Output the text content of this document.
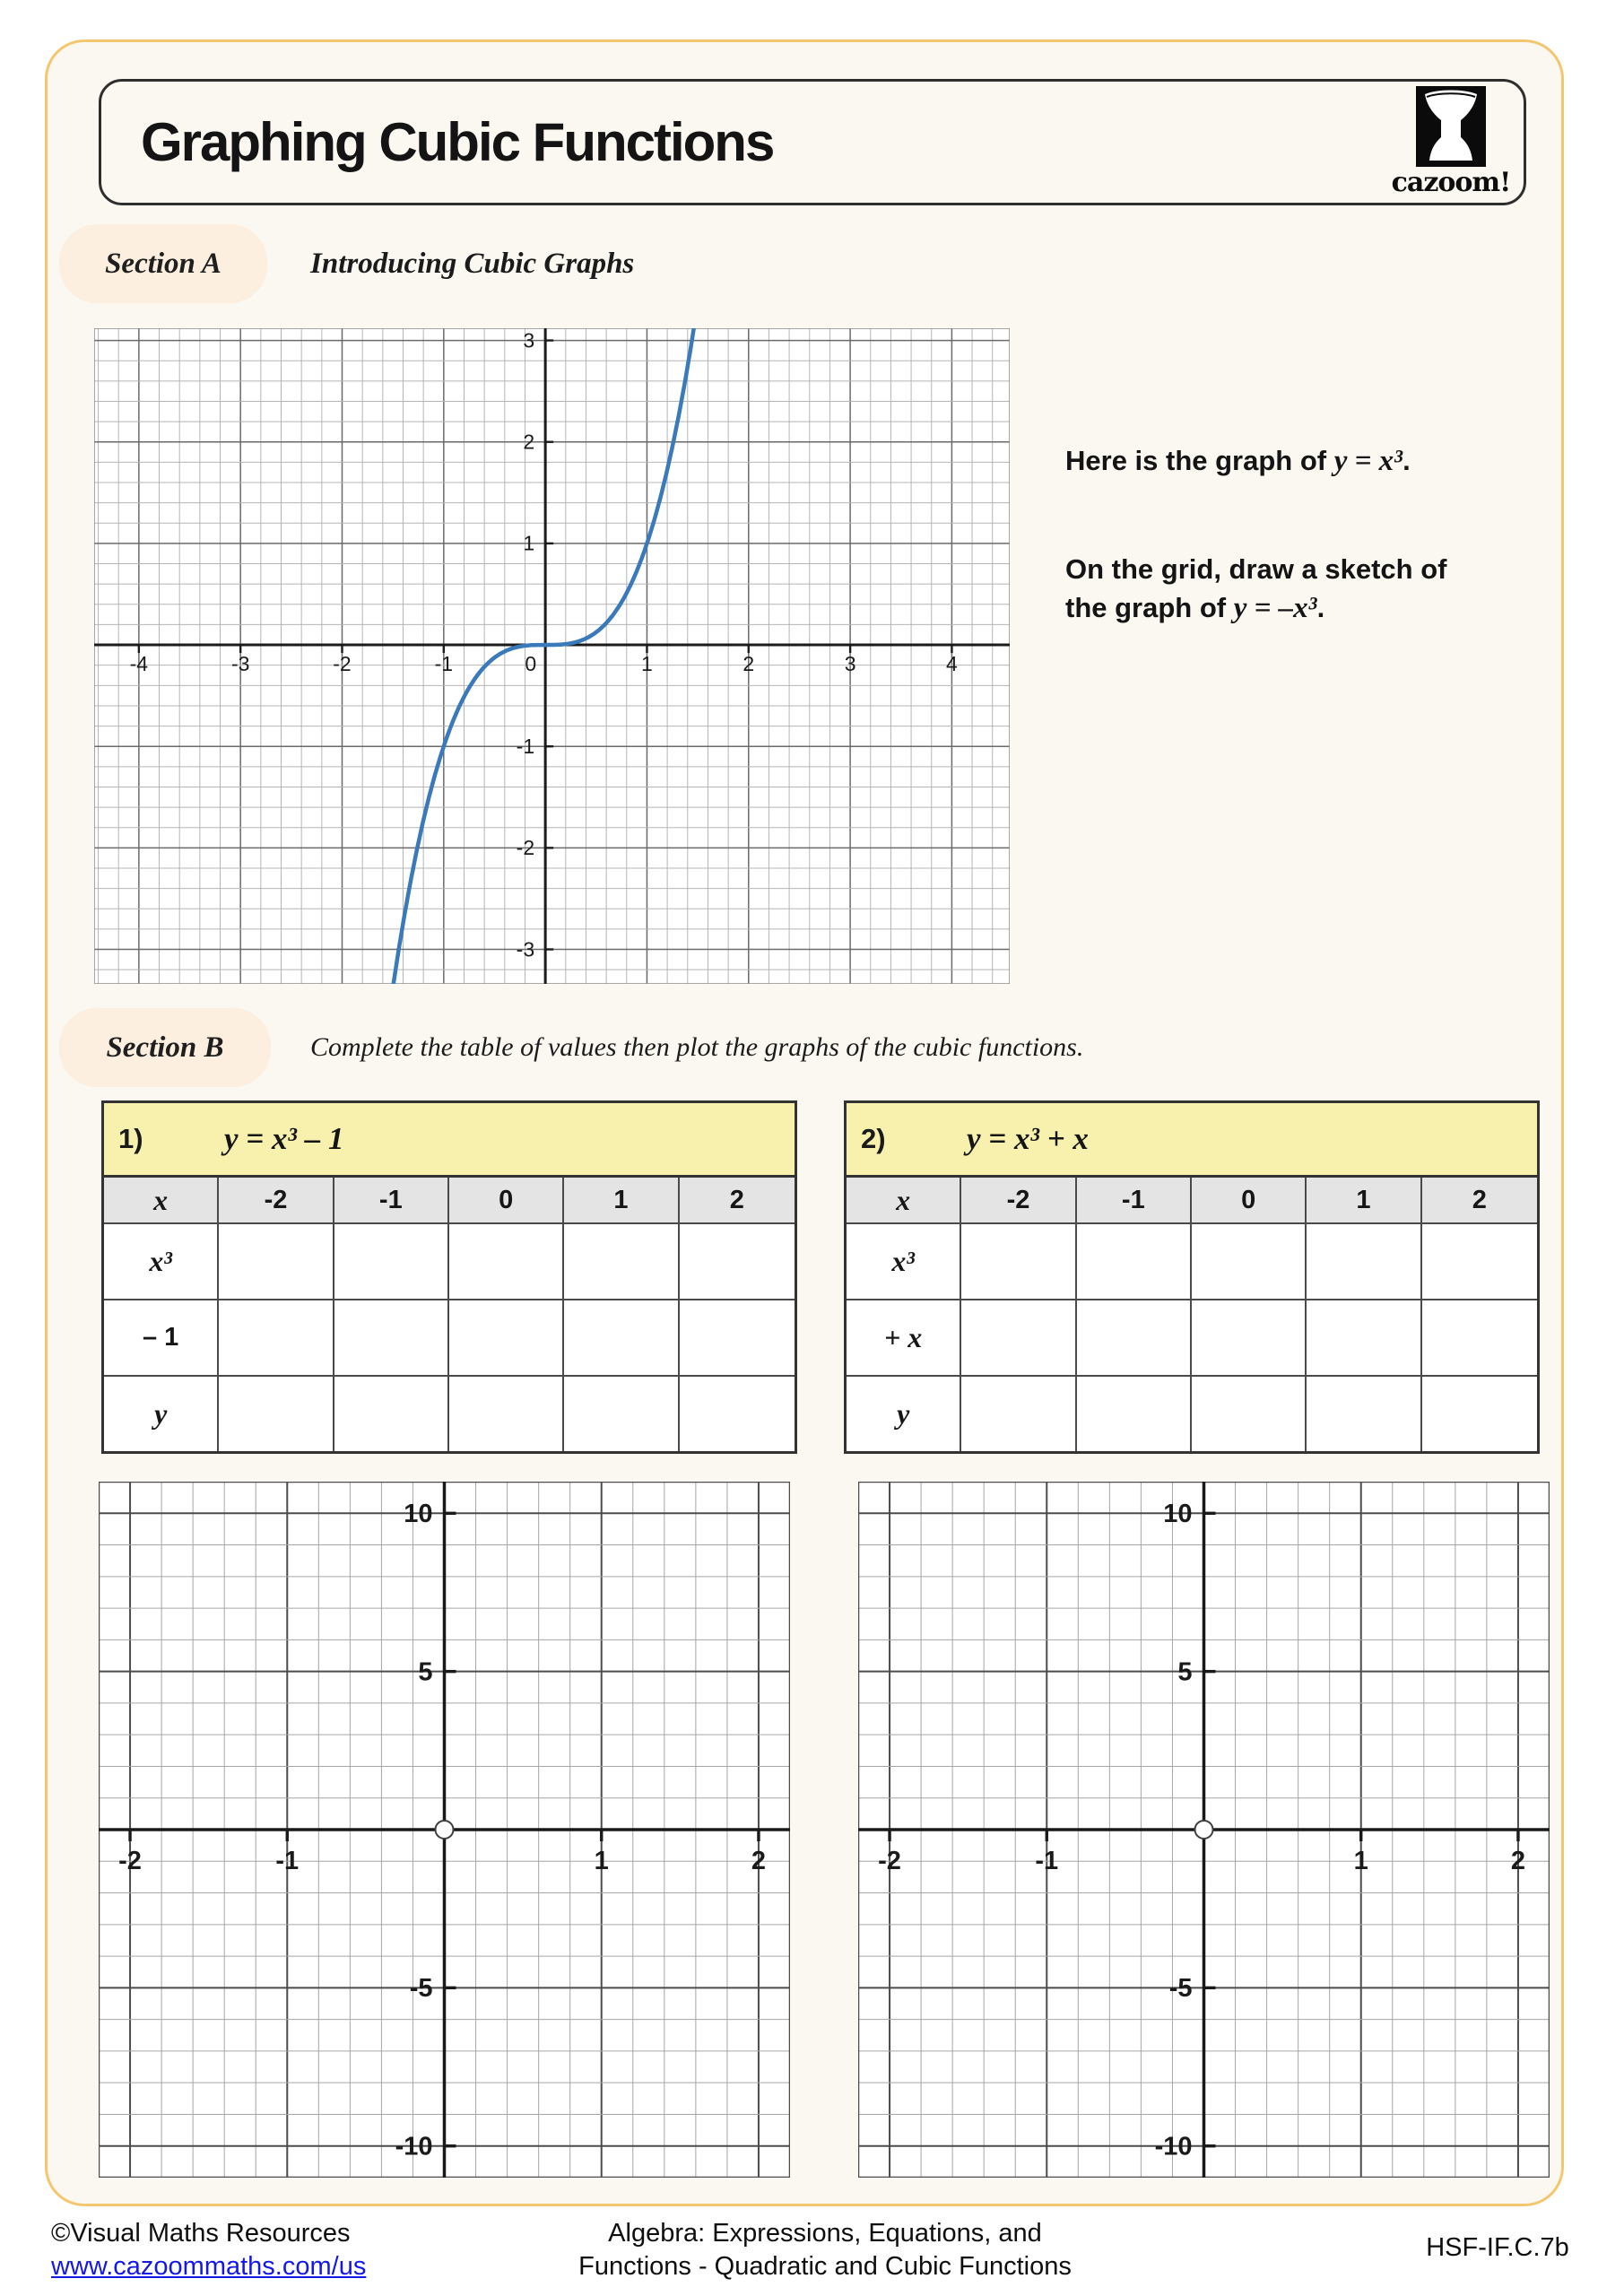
Graphing Cubic Functions
cazoom!
Section A	Introducing Cubic Graphs
-4	-3	-2	-1	0	1	2	3	4
3
2
1
-1
-2
-3
Here is the graph of y = x³.
On the grid, draw a sketch of
the graph of y = –x³.
Section B	Complete the table of values then plot the graphs of the cubic functions.
1)	y = x³ – 1
x	-2	-1	0	1	2
x³
– 1
y
2)	y = x³ + x
x	-2	-1	0	1	2
x³
+ x
y
-2	-1	1	2
10
5
-5
-10
-2	-1	1	2
10
5
-5
-10
©Visual Maths Resources
www.cazoommaths.com/us
Algebra: Expressions, Equations, and
Functions - Quadratic and Cubic Functions
HSF-IF.C.7b
